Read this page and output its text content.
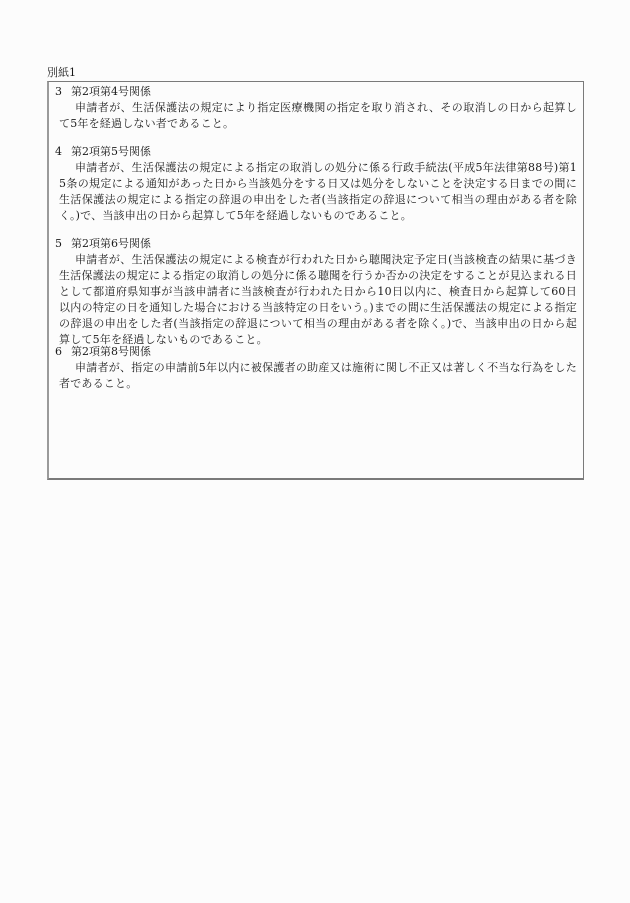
別紙1
3 第2項第4号関係
申請者が、生活保護法の規定により指定医療機関の指定を取り消され、その取消しの日から起算して5年を経過しない者であること。
4 第2項第5号関係
申請者が、生活保護法の規定による指定の取消しの処分に係る行政手続法(平成5年法律第88号)第15条の規定による通知があった日から当該処分をする日又は処分をしないことを決定する日までの間に生活保護法の規定による指定の辞退の申出をした者(当該指定の辞退について相当の理由がある者を除く。)で、当該申出の日から起算して5年を経過しないものであること。
5 第2項第6号関係
申請者が、生活保護法の規定による検査が行われた日から聴聞決定予定日(当該検査の結果に基づき生活保護法の規定による指定の取消しの処分に係る聴聞を行うか否かの決定をすることが見込まれる日として都道府県知事が当該申請者に当該検査が行われた日から10日以内に、検査日から起算して60日以内の特定の日を通知した場合における当該特定の日をいう。)までの間に生活保護法の規定による指定の辞退の申出をした者(当該指定の辞退について相当の理由がある者を除く。)で、当該申出の日から起算して5年を経過しないものであること。
6 第2項第8号関係
申請者が、指定の申請前5年以内に被保護者の助産又は施術に関し不正又は著しく不当な行為をした者であること。
